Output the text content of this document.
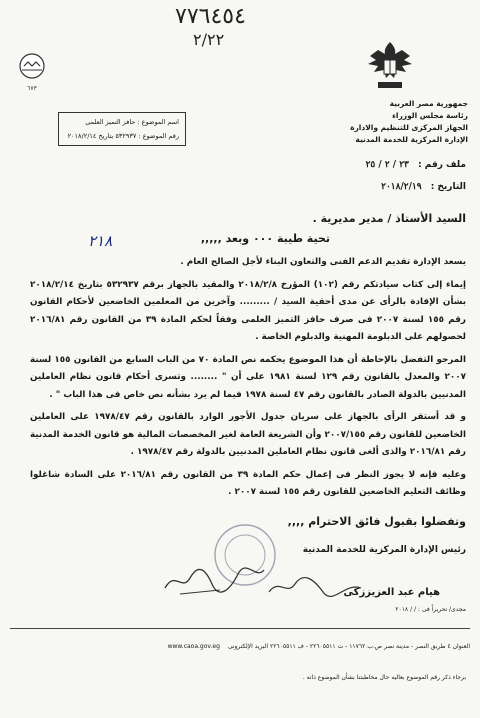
٧٧٦٤٥٤
٢/٢٢
٦٧٣
جمهورية مصر العربية
رئاسة مجلس الوزراء
الجهاز المركزى للتنظيم والادارة
الإدارة المركزية للخدمة المدنية
اسم الموضوع : حافز التميز العلمى
رقم الموضوع : ٥٣٢٩٣٧ بتاريخ ٢٠١٨/٢/١٤
ملف رقم : ٢٣ / ٢ / ٢٥
التاريخ : ٢٠١٨/٢/١٩
السيد الأستاذ / مدير مديرية .
٢١٨	تحية طيبة ٠٠٠ وبعد ,,,,,

يسعد الإدارة تقديم الدعم الفنى والتعاون البناء لأجل الصالح العام .

إيماء إلى كتاب سيادتكم رقم (١٠٢) المؤرخ ٢٠١٨/٢/٨ والمقيد بالجهاز برقم ٥٣٢٩٣٧ بتاريخ ٢٠١٨/٢/١٤ بشأن الإفادة بالرأى عن مدى أحقية السيد / ......... وآخرين من المعلمين الخاضعين لأحكام القانون رقم ١٥٥ لسنة ٢٠٠٧ فى صرف حافز التميز العلمى وفقاً لحكم المادة ٣٩ من القانون رقم ٢٠١٦/٨١ لحصولهم على الدبلومة المهنية والدبلوم الخاصة .

المرجو التفضل بالإحاطة أن هذا الموضوع يحكمه نص المادة ٧٠ من الباب السابع من القانون ١٥٥ لسنة ٢٠٠٧ والمعدل بالقانون رقم ١٢٩ لسنة ١٩٨١ على أن " ........ وتسرى أحكام قانون نظام العاملين المدنيين بالدولة الصادر بالقانون رقم ٤٧ لسنة ١٩٧٨ فيما لم يرد بشأنه نص خاص فى هذا الباب " .

و قد أستقر الرأى بالجهاز على سريان جدول الأجور الوارد بالقانون رقم ١٩٧٨/٤٧ على العاملين الخاضعين للقانون رقم ٢٠٠٧/١٥٥ وأن الشريعة العامة لغير المخصصات المالية هو قانون الخدمة المدنية رقم ٢٠١٦/٨١ والذى ألغى قانون نظام العاملين المدنيين بالدولة رقم ١٩٧٨/٤٧ .

وعليه فإنه لا يجوز النظر فى إعمال حكم المادة ٣٩ من القانون رقم ٢٠١٦/٨١ على السادة شاغلوا وظائف التعليم الخاضعين للقانون رقم ١٥٥ لسنة ٢٠٠٧ .

وتفضلوا بقبول فائق الاحترام ,,,,
رئيس الإدارة المركزية للخدمة المدنية
هيام عبد العزيززكى
مجدى/ تحريراً فى : / / ٢٠١٨
العنوان ٤ طريق النصر - مدينة نصر ص.ب ١١٧٦٢ - ت ٢٢٦٠٥٥١١ - ف ٢٢٦٠٥٥١١ البريد الإلكترونى www.caoa.gov.eg
برجاء ذكر رقم الموضوع بعاليه حال مخاطبتنا بشأن الموضوع ذاته .
